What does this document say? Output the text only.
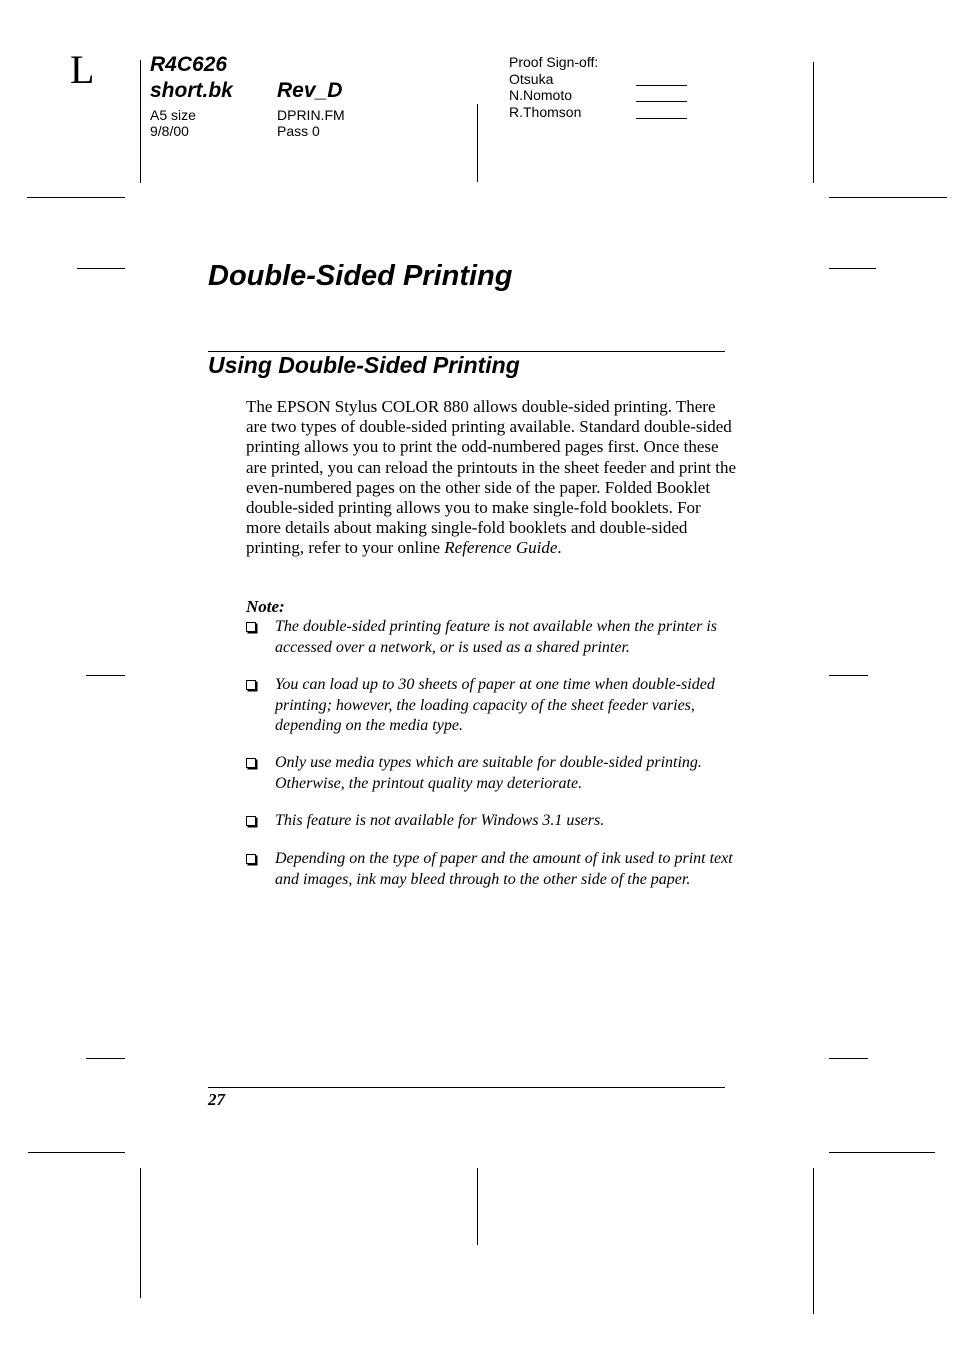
L	R4C626
short.bk Rev_D
A5 size
9/8/00
DPRIN.FM
Pass 0
Proof Sign-off:
Otsuka
N.Nomoto
R.Thomson
Double-Sided Printing
Using Double-Sided Printing

The EPSON Stylus COLOR 880 allows double-sided printing. There are two types of double-sided printing available. Standard double-sided printing allows you to print the odd-numbered pages first. Once these are printed, you can reload the printouts in the sheet feeder and print the even-numbered pages on the other side of the paper. Folded Booklet double-sided printing allows you to make single-fold booklets. For more details about making single-fold booklets and double-sided printing, refer to your online Reference Guide.

Note:
The double-sided printing feature is not available when the printer is accessed over a network, or is used as a shared printer.
You can load up to 30 sheets of paper at one time when double-sided printing; however, the loading capacity of the sheet feeder varies, depending on the media type.
Only use media types which are suitable for double-sided printing. Otherwise, the printout quality may deteriorate.
This feature is not available for Windows 3.1 users.
Depending on the type of paper and the amount of ink used to print text and images, ink may bleed through to the other side of the paper.
27
